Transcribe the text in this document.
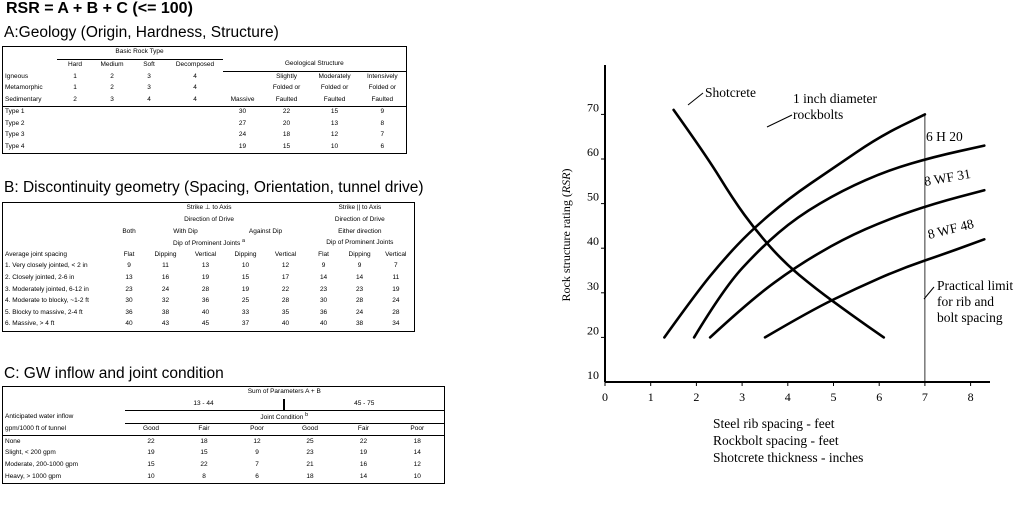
RSR = A + B + C (<= 100)
A:Geology (Origin, Hardness, Structure)
	Basic Rock Type							
	Hard	Medium	Soft	Decomposed	Geological Structure			
Igneous	1	2	3	4		Slightly	Moderately	Intensively
Metamorphic	1	2	3	4		Folded or	Folded or	Folded or
Sedimentary	2	3	4	4	Massive	Faulted	Faulted	Faulted
Type 1					30	22	15	9
Type 2					27	20	13	8
Type 3					24	18	12	7
Type 4					19	15	10	6
B: Discontinuity geometry (Spacing, Orientation, tunnel drive)
	Strike ⊥ to Axis					Strike || to Axis		
	Direction of Drive					Direction of Drive		
	Both	With Dip		Against Dip		Either direction		
	Dip of Prominent Joints $^a$					Dip of Prominent Joints		
Average joint spacing	Flat	Dipping	Vertical	Dipping	Vertical	Flat	Dipping	Vertical
1. Very closely jointed, < 2 in	9	11	13	10	12	9	9	7
2. Closely jointed, 2-6 in	13	16	19	15	17	14	14	11
3. Moderately jointed, 6-12 in	23	24	28	19	22	23	23	19
4. Moderate to blocky, ~1-2 ft	30	32	36	25	28	30	28	24
5. Blocky to massive, 2-4 ft	36	38	40	33	35	36	24	28
6. Massive, > 4 ft	40	43	45	37	40	40	38	34
C: GW inflow and joint condition
	Sum of Parameters A + B					
	13 - 44			45 - 75		
Anticipated water inflow	Joint Condition $^b$
gpm/1000 ft of tunnel	Good	Fair	Poor	Good	Fair	Poor
None	22	18	12	25	22	18
Slight, < 200 gpm	19	15	9	23	19	14
Moderate, 200-1000 gpm	15	22	7	21	16	12
Heavy, > 1000 gpm	10	8	6	18	14	10
0	1	2	3	4	5	6	7	8
10
20
30
40
50
60
70
Shotcrete	1 inch diameter rockbolts
6 H 20
8 WF 31
8 WF 48
Practical limit for rib and bolt spacing
Rock structure rating (RSR)
Steel rib spacing - feet
Rockbolt spacing - feet
Shotcrete thickness - inches
